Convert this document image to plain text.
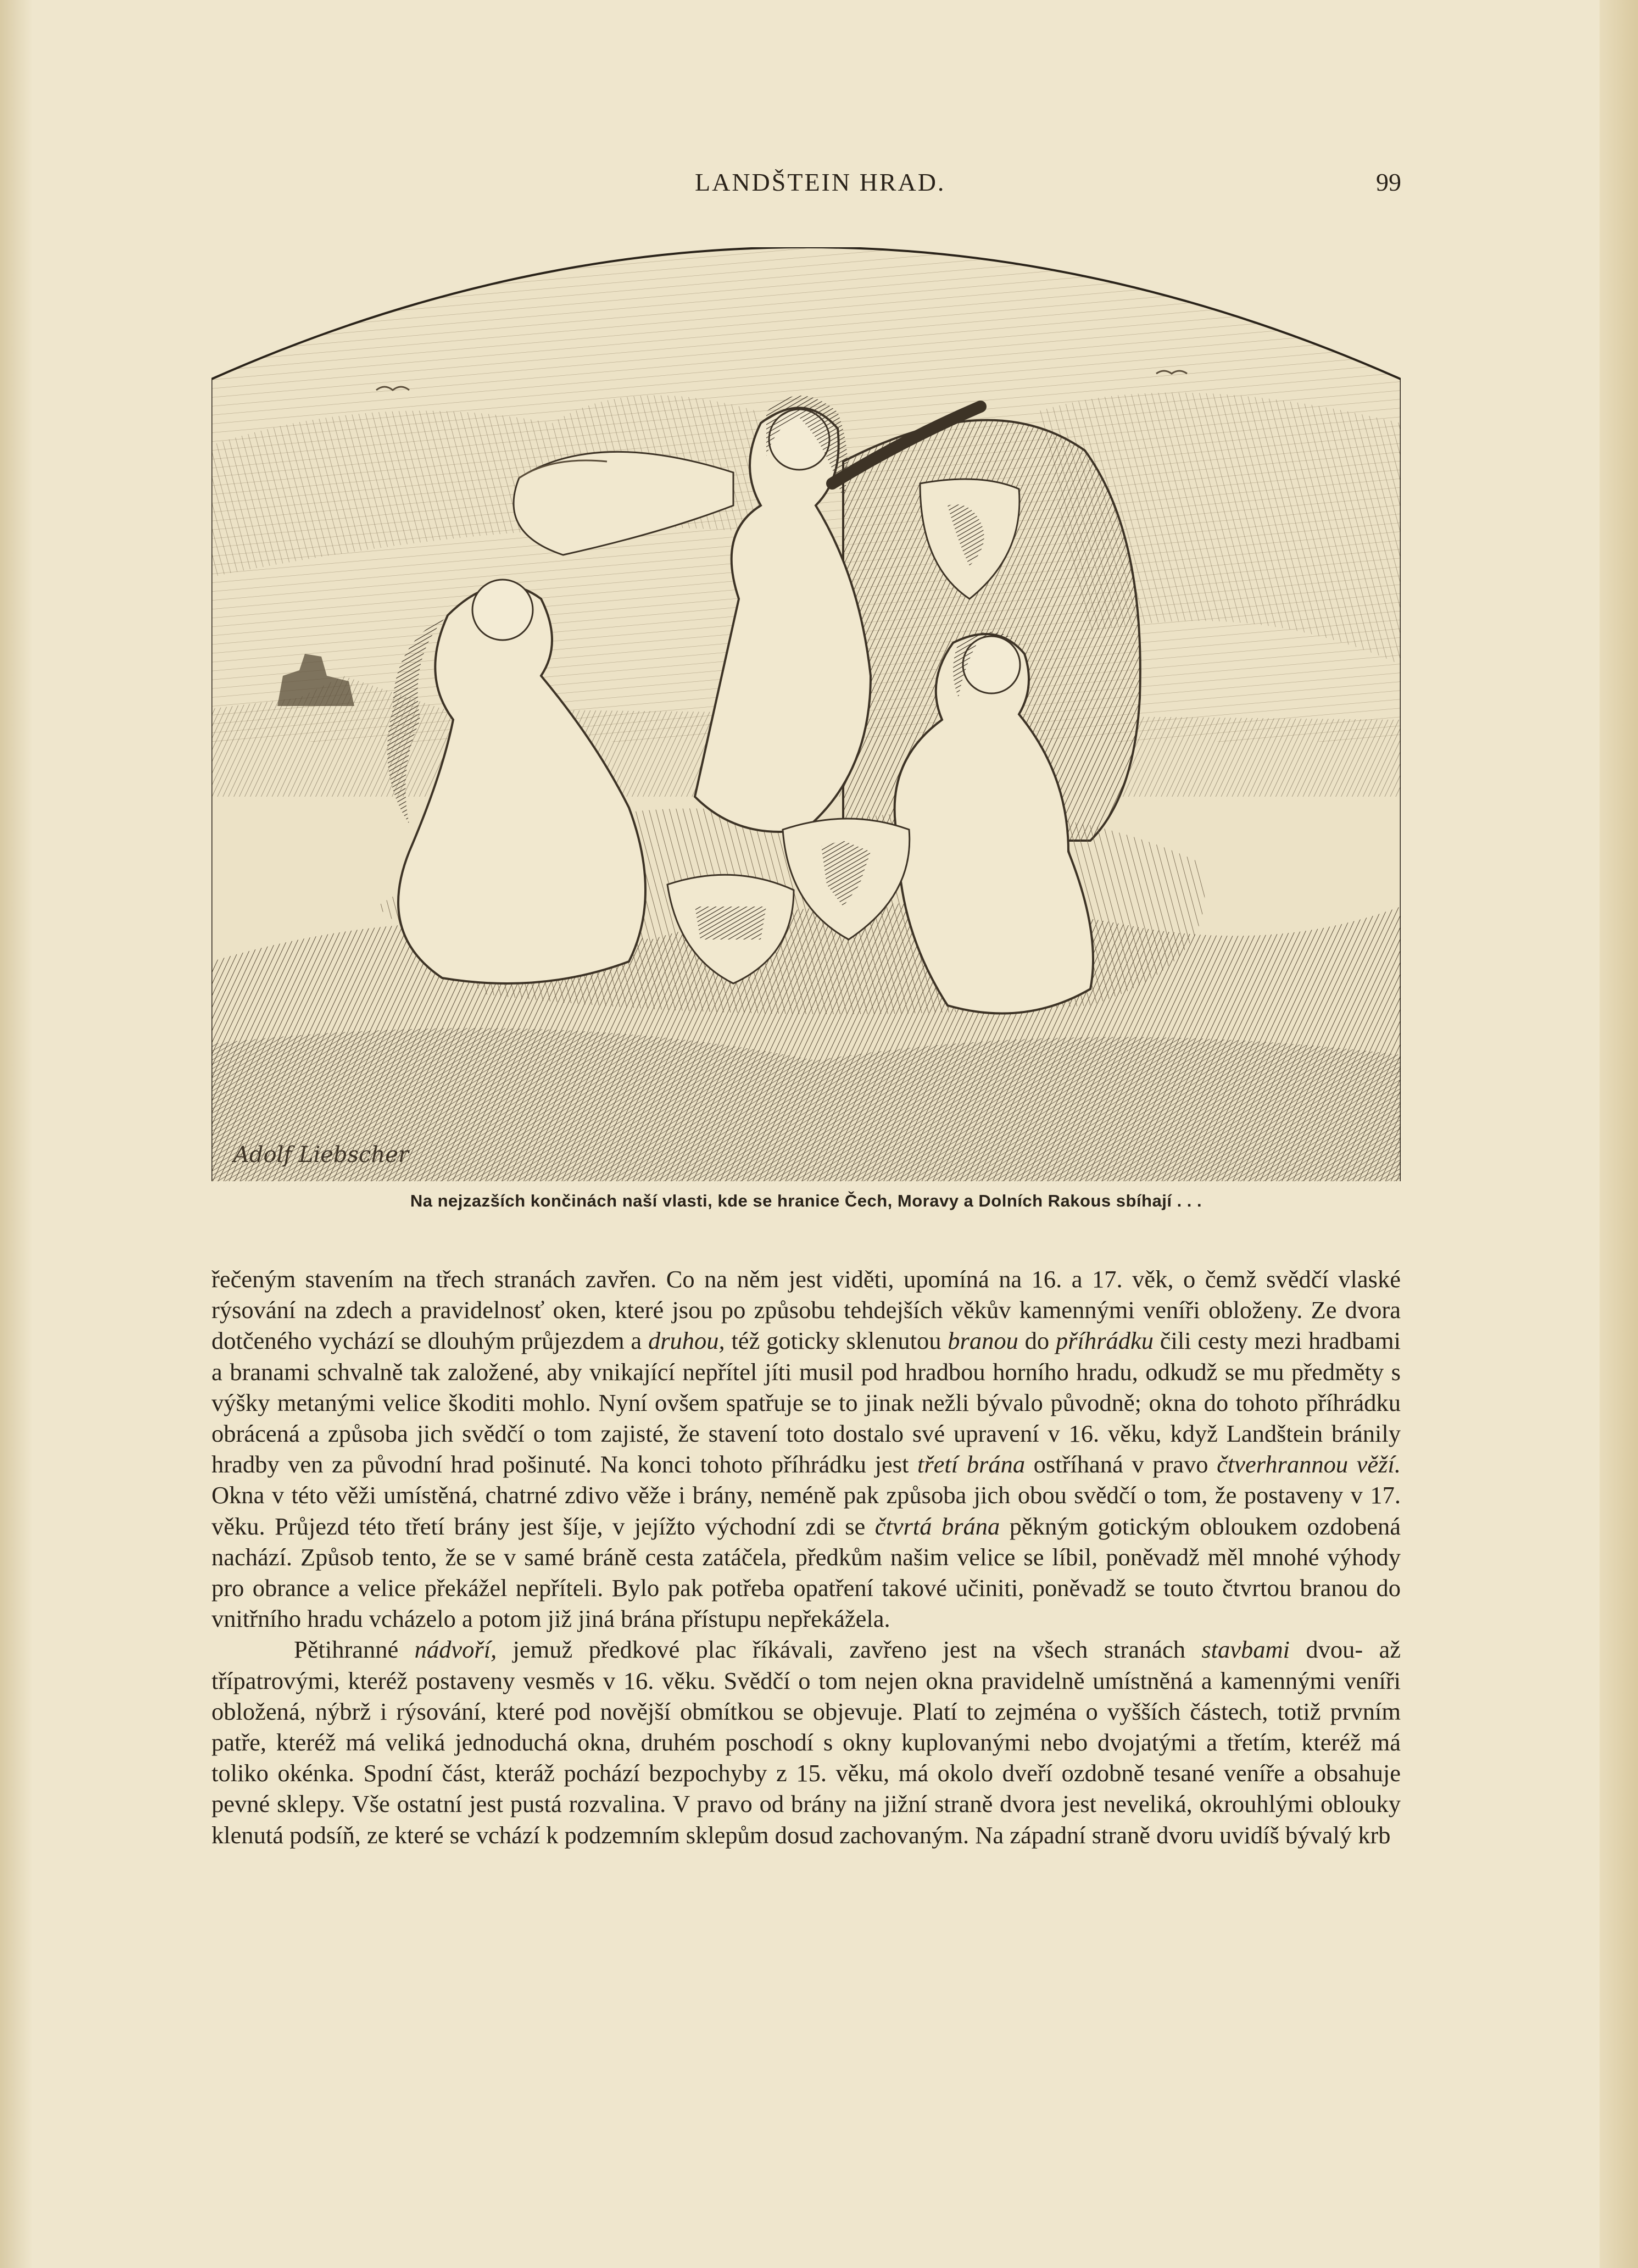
LANDŠTEIN HRAD.	99
Adolf Liebscher
Na nejzazších končinách naší vlasti, kde se hranice Čech, Moravy a Dolních Rakous sbíhají . . .

řečeným stavením na třech stranách zavřen. Co na něm jest viděti, upomíná na 16. a 17. věk, o čemž svědčí vlaské rýsování na zdech a pravidelnosť oken, které jsou po způsobu tehdejších věkův kamennými veníři obloženy. Ze dvora dotčeného vychází se dlouhým průjezdem a druhou, též goticky sklenutou branou do příhrádku čili cesty mezi hradbami a branami schvalně tak založené, aby vnikající nepřítel jíti musil pod hradbou horního hradu, odkudž se mu předměty s výšky metanými velice škoditi mohlo. Nyní ovšem spatřuje se to jinak nežli bývalo původně; okna do tohoto příhrádku obrácená a způsoba jich svědčí o tom zajisté, že stavení toto dostalo své upravení v 16. věku, když Landštein bránily hradby ven za původní hrad pošinuté. Na konci tohoto příhrádku jest třetí brána ostříhaná v pravo čtverhrannou věží. Okna v této věži umístěná, chatrné zdivo věže i brány, neméně pak způsoba jich obou svědčí o tom, že postaveny v 17. věku. Průjezd této třetí brány jest šíje, v jejížto východní zdi se čtvrtá brána pěkným gotickým obloukem ozdobená nachází. Způsob tento, že se v samé bráně cesta zatáčela, předkům našim velice se líbil, poněvadž měl mnohé výhody pro obrance a velice překážel nepříteli. Bylo pak potřeba opatření takové učiniti, poněvadž se touto čtvrtou branou do vnitřního hradu vcházelo a potom již jiná brána přístupu nepřekážela.

Pětihranné nádvoří, jemuž předkové plac říkávali, zavřeno jest na všech stranách stavbami dvou- až třípatrovými, kteréž postaveny vesměs v 16. věku. Svědčí o tom nejen okna pravidelně umístněná a kamennými veníři obložená, nýbrž i rýsování, které pod novější obmítkou se objevuje. Platí to zejména o vyšších částech, totiž prvním patře, kteréž má veliká jednoduchá okna, druhém poschodí s okny kuplovanými nebo dvojatými a třetím, kteréž má toliko okénka. Spodní část, kteráž pochází bezpochyby z 15. věku, má okolo dveří ozdobně tesané veníře a obsahuje pevné sklepy. Vše ostatní jest pustá rozvalina. V pravo od brány na jižní straně dvora jest neveliká, okrouhlými oblouky klenutá podsíň, ze které se vchází k podzemním sklepům dosud zachovaným. Na západní straně dvoru uvidíš bývalý krb
